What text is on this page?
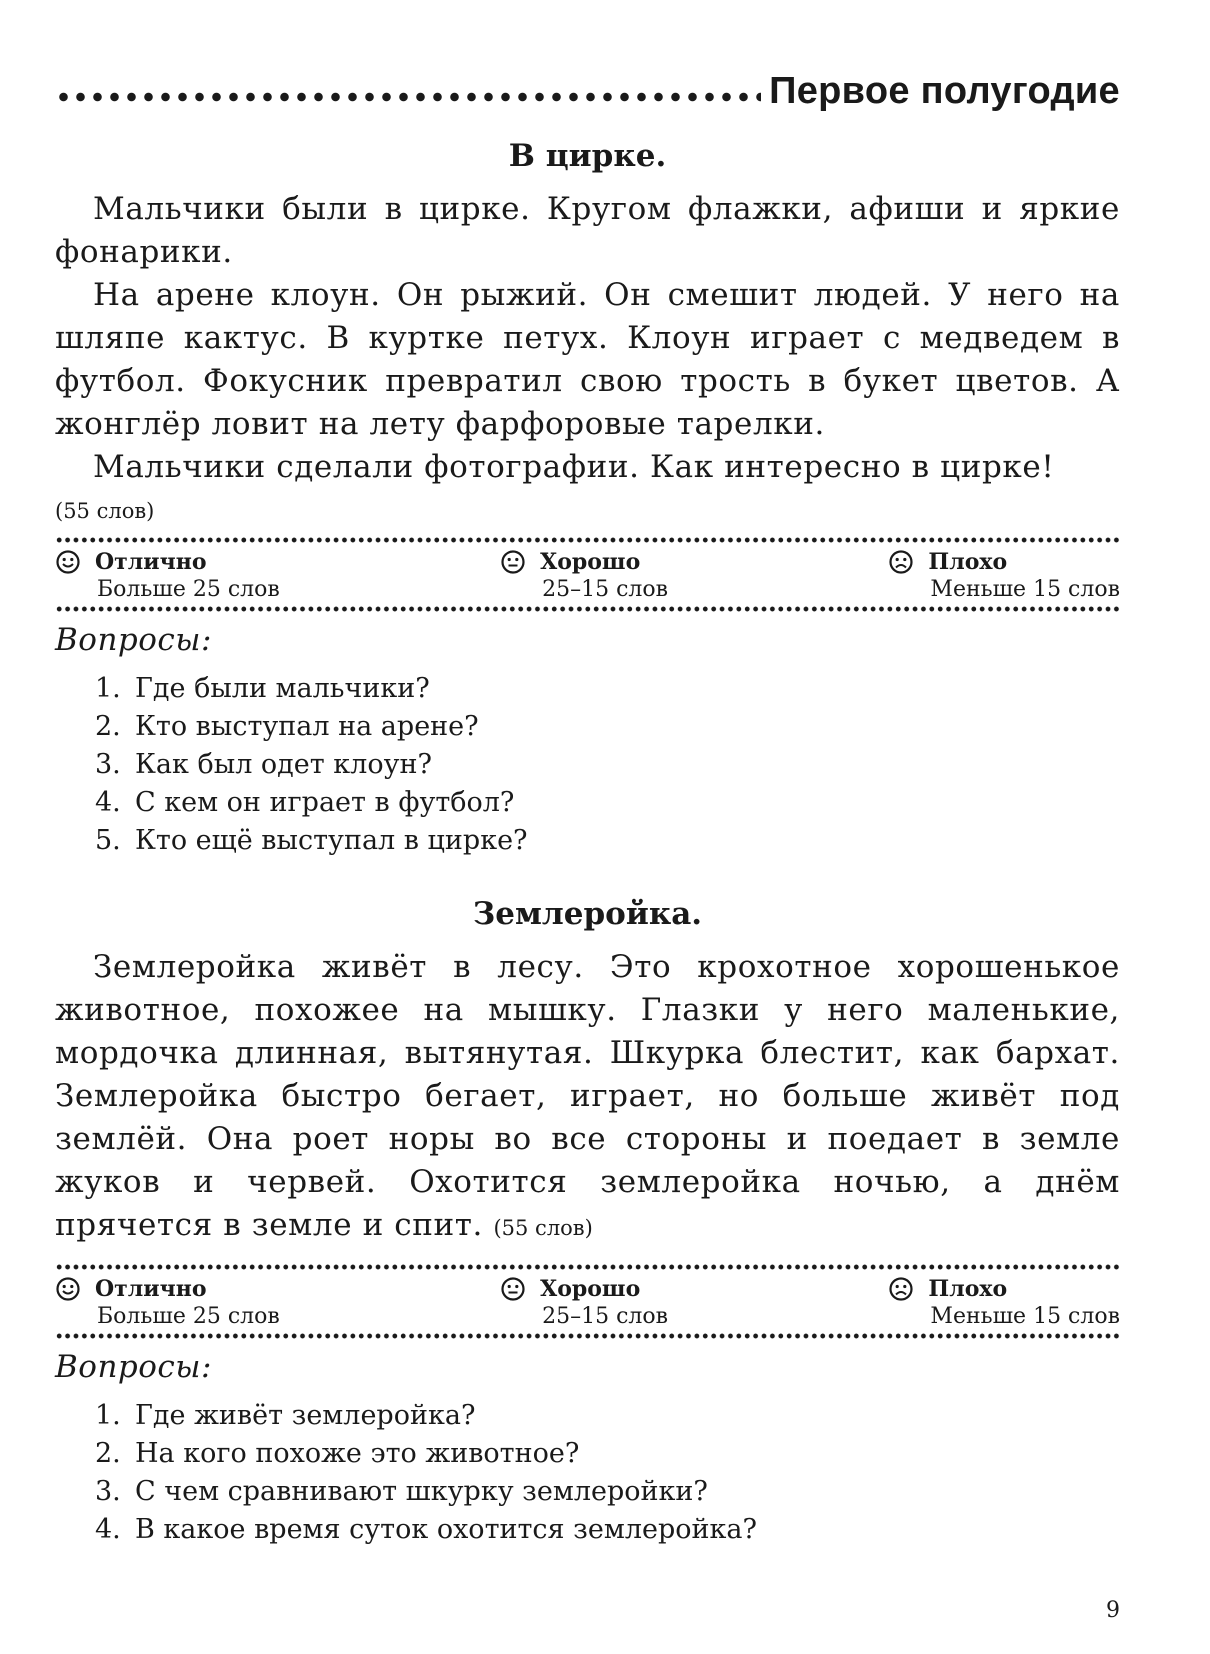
Первое полугодие
В цирке.

Мальчики были в цирке. Кругом флажки, афиши и яркие фонарики.

На арене клоун. Он рыжий. Он смешит людей. У него на шляпе кактус. В куртке петух. Клоун играет с медведем в футбол. Фокусник превратил свою трость в букет цветов. А жонглёр ловит на лету фарфоровые тарелки.

Мальчики сделали фотографии. Как интересно в цирке!

(55 слов)
Отлично
Больше 25 слов
Хорошо
25–15 слов
Плохо
Меньше 15 слов
Вопросы:
1. Где были мальчики?
2. Кто выступал на арене?
3. Как был одет клоун?
4. С кем он играет в футбол?
5. Кто ещё выступал в цирке?
Землеройка.

Землеройка живёт в лесу. Это крохотное хорошенькое животное, похожее на мышку. Глазки у него маленькие, мордочка длинная, вытянутая. Шкурка блестит, как бархат. Землеройка быстро бегает, играет, но больше живёт под землёй. Она роет норы во все стороны и поедает в земле жуков и червей. Охотится землеройка ночью, а днём прячется в земле и спит. (55 слов)

Отлично
Больше 25 слов
Хорошо
25–15 слов
Плохо
Меньше 15 слов
Вопросы:
1. Где живёт землеройка?
2. На кого похоже это животное?
3. С чем сравнивают шкурку землеройки?
4. В какое время суток охотится землеройка?
9
